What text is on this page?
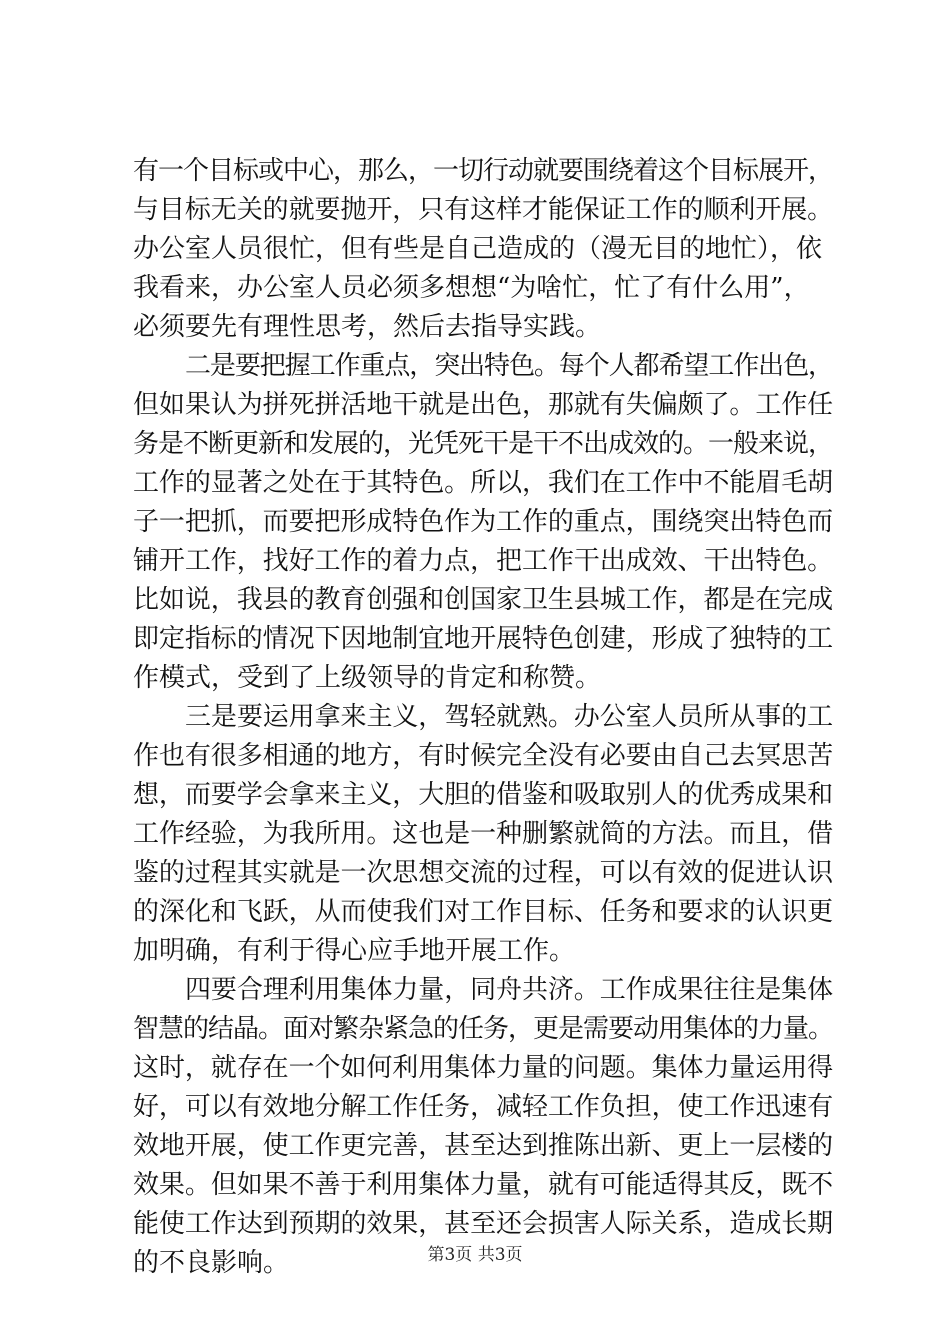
有一个目标或中心，那么，一切行动就要围绕着这个目标展开，
与目标无关的就要抛开，只有这样才能保证工作的顺利开展。
办公室人员很忙，但有些是自己造成的（漫无目的地忙），依
我看来，办公室人员必须多想想“为啥忙，忙了有什么用”，
必须要先有理性思考，然后去指导实践。
二是要把握工作重点，突出特色。每个人都希望工作出色，
但如果认为拼死拼活地干就是出色，那就有失偏颇了。工作任
务是不断更新和发展的，光凭死干是干不出成效的。一般来说，
工作的显著之处在于其特色。所以，我们在工作中不能眉毛胡
子一把抓，而要把形成特色作为工作的重点，围绕突出特色而
铺开工作，找好工作的着力点，把工作干出成效、干出特色。
比如说，我县的教育创强和创国家卫生县城工作，都是在完成
即定指标的情况下因地制宜地开展特色创建，形成了独特的工
作模式，受到了上级领导的肯定和称赞。
三是要运用拿来主义，驾轻就熟。办公室人员所从事的工
作也有很多相通的地方，有时候完全没有必要由自己去冥思苦
想，而要学会拿来主义，大胆的借鉴和吸取别人的优秀成果和
工作经验，为我所用。这也是一种删繁就简的方法。而且，借
鉴的过程其实就是一次思想交流的过程，可以有效的促进认识
的深化和飞跃，从而使我们对工作目标、任务和要求的认识更
加明确，有利于得心应手地开展工作。
四要合理利用集体力量，同舟共济。工作成果往往是集体
智慧的结晶。面对繁杂紧急的任务，更是需要动用集体的力量。
这时，就存在一个如何利用集体力量的问题。集体力量运用得
好，可以有效地分解工作任务，减轻工作负担，使工作迅速有
效地开展，使工作更完善，甚至达到推陈出新、更上一层楼的
效果。但如果不善于利用集体力量，就有可能适得其反，既不
能使工作达到预期的效果，甚至还会损害人际关系，造成长期
的不良影响。	第3页 共3页
